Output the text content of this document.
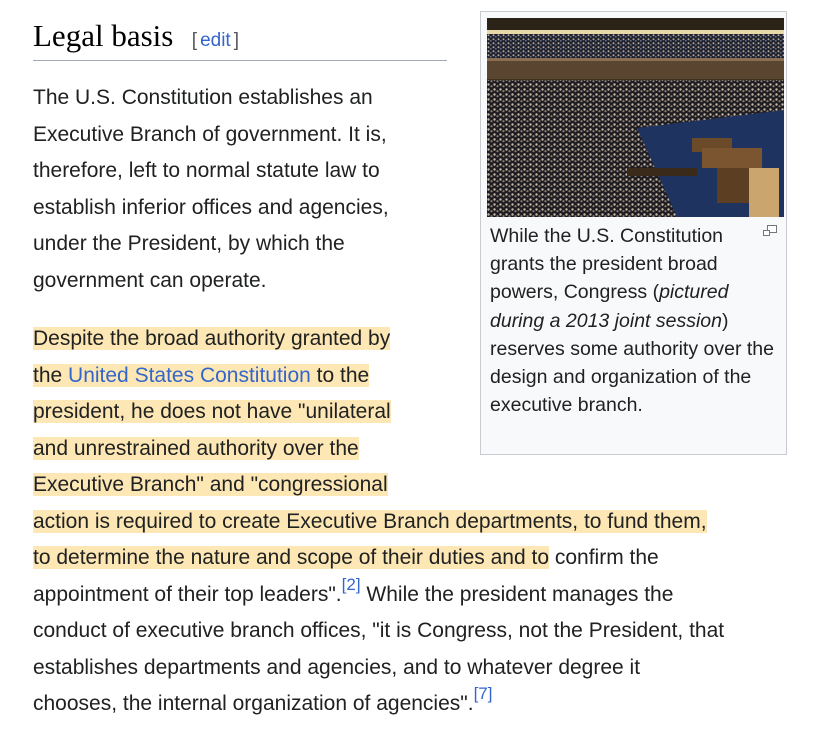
Legal basis [ edit ]

The U.S. Constitution establishes an
Executive Branch of government. It is,
therefore, left to normal statute law to
establish inferior offices and agencies,
under the President, by which the
government can operate.

Despite the broad authority granted by
the United States Constitution to the
president, he does not have "unilateral
and unrestrained authority over the
Executive Branch" and "congressional
action is required to create Executive Branch departments, to fund them,
to determine the nature and scope of their duties and to confirm the
appointment of their top leaders".[2] While the president manages the
conduct of executive branch offices, "it is Congress, not the President, that
establishes departments and agencies, and to whatever degree it
chooses, the internal organization of agencies".[7]

While the U.S. Constitution grants the president broad powers, Congress (pictured during a 2013 joint session) reserves some authority over the design and organization of the executive branch.
